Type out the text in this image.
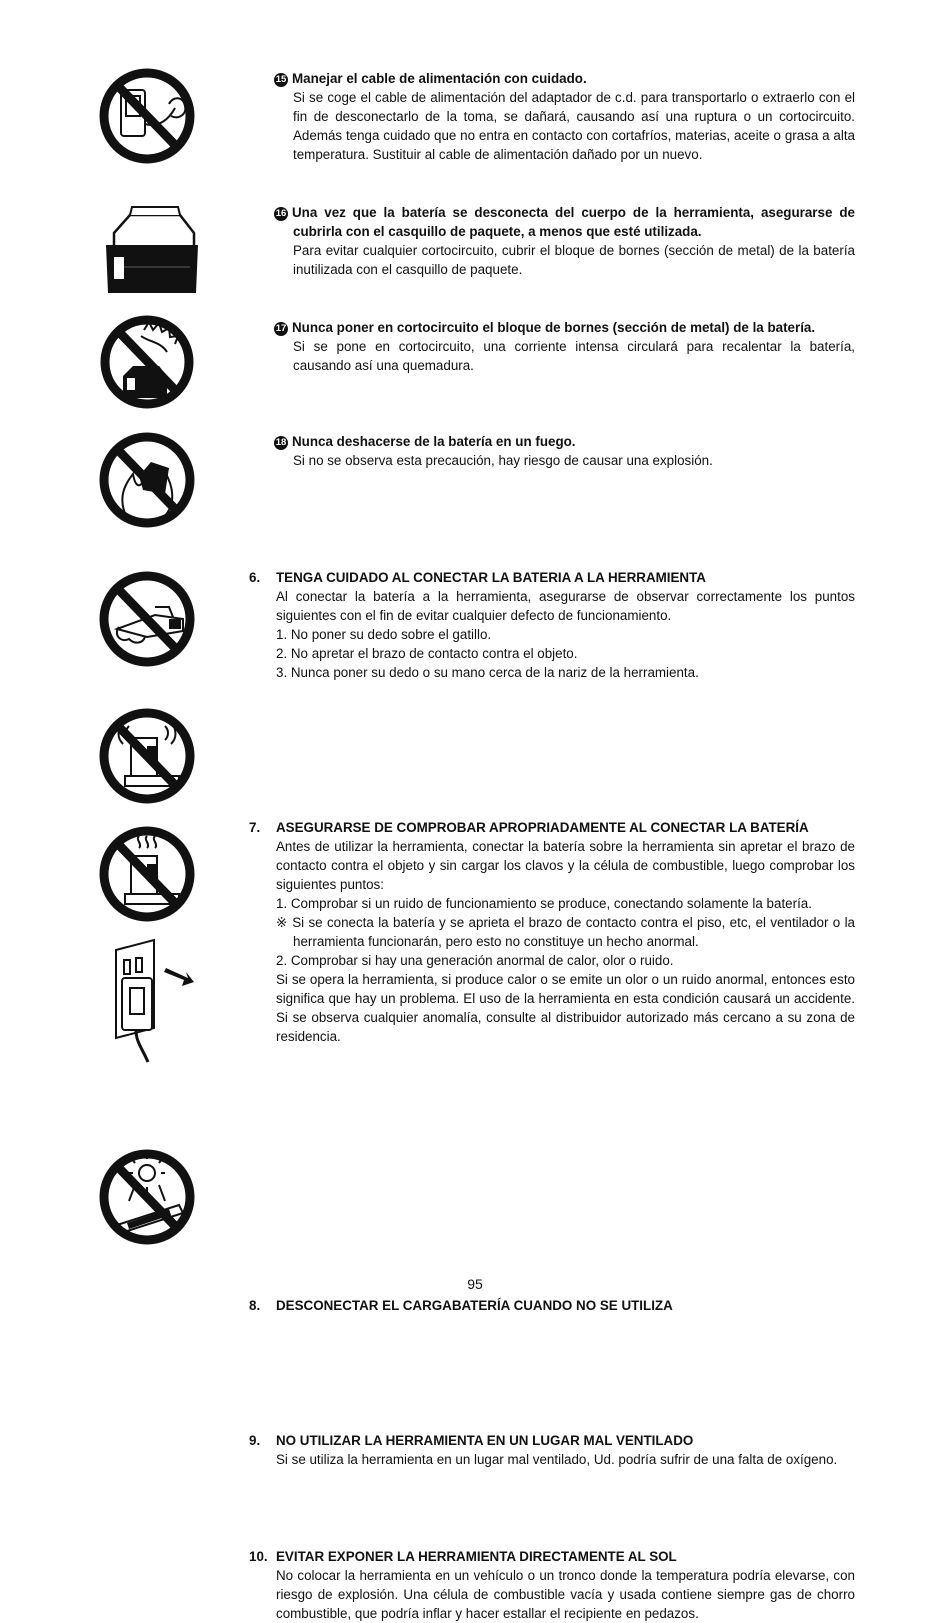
15 Manejar el cable de alimentación con cuidado.

Si se coge el cable de alimentación del adaptador de c.d. para transportarlo o extraerlo con el fin de desconectarlo de la toma, se dañará, causando así una ruptura o un cortocircuito. Además tenga cuidado que no entra en contacto con cortafríos, materias, aceite o grasa a alta temperatura. Sustituir al cable de alimentación dañado por un nuevo.

16 Una vez que la batería se desconecta del cuerpo de la herramienta, asegurarse de cubrirla con el casquillo de paquete, a menos que esté utilizada.

Para evitar cualquier cortocircuito, cubrir el bloque de bornes (sección de metal) de la batería inutilizada con el casquillo de paquete.

17 Nunca poner en cortocircuito el bloque de bornes (sección de metal) de la batería.

Si se pone en cortocircuito, una corriente intensa circulará para recalentar la batería, causando así una quemadura.

18 Nunca deshacerse de la batería en un fuego.

Si no se observa esta precaución, hay riesgo de causar una explosión.

6. TENGA CUIDADO AL CONECTAR LA BATERIA A LA HERRAMIENTA

Al conectar la batería a la herramienta, asegurarse de observar correctamente los puntos siguientes con el fin de evitar cualquier defecto de funcionamiento.

1. No poner su dedo sobre el gatillo.

2. No apretar el brazo de contacto contra el objeto.

3. Nunca poner su dedo o su mano cerca de la nariz de la herramienta.

7. ASEGURARSE DE COMPROBAR APROPRIADAMENTE AL CONECTAR LA BATERÍA

Antes de utilizar la herramienta, conectar la batería sobre la herramienta sin apretar el brazo de contacto contra el objeto y sin cargar los clavos y la célula de combustible, luego comprobar los siguientes puntos:

1. Comprobar si un ruido de funcionamiento se produce, conectando solamente la batería.

※ Si se conecta la batería y se aprieta el brazo de contacto contra el piso, etc, el ventilador o la herramienta funcionarán, pero esto no constituye un hecho anormal.

2. Comprobar si hay una generación anormal de calor, olor o ruido.

Si se opera la herramienta, si produce calor o se emite un olor o un ruido anormal, entonces esto significa que hay un problema. El uso de la herramienta en esta condición causará un accidente. Si se observa cualquier anomalía, consulte al distribuidor autorizado más cercano a su zona de residencia.

8. DESCONECTAR EL CARGABATERÍA CUANDO NO SE UTILIZA

9. NO UTILIZAR LA HERRAMIENTA EN UN LUGAR MAL VENTILADO

Si se utiliza la herramienta en un lugar mal ventilado, Ud. podría sufrir de una falta de oxígeno.

10. EVITAR EXPONER LA HERRAMIENTA DIRECTAMENTE AL SOL

No colocar la herramienta en un vehículo o un tronco donde la temperatura podría elevarse, con riesgo de explosión. Una célula de combustible vacía y usada contiene siempre gas de chorro combustible, que podría inflar y hacer estallar el recipiente en pedazos.

95
